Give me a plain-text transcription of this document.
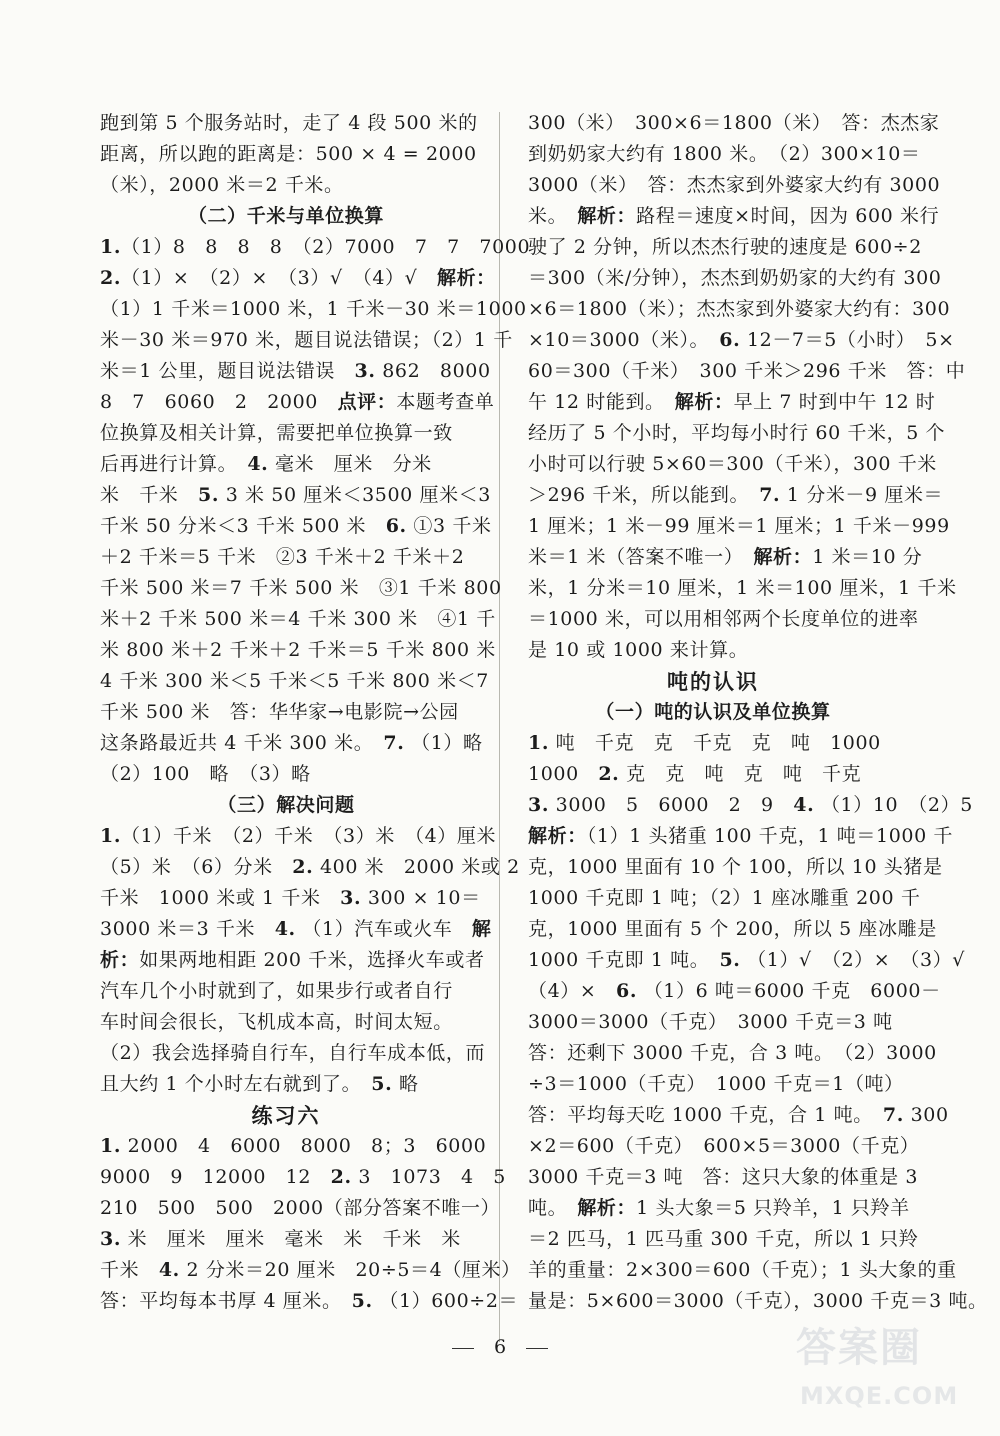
跑到第 5 个服务站时，走了 4 段 500 米的
距离，所以跑的距离是：500 × 4 = 2000
（米），2000 米＝2 千米。
（二）千米与单位换算
1.（1）8　8　8　8　（2）7000　7　7　7000
2.（1）×　（2）×　（3）√　（4）√　解析：
（1）1 千米＝1000 米，1 千米－30 米＝1000
米－30 米＝970 米，题目说法错误；（2）1 千
米＝1 公里，题目说法错误　3. 862　8000
8　7　6060　2　2000　点评：本题考查单
位换算及相关计算，需要把单位换算一致
后再进行计算。　4. 毫米　厘米　分米
米　千米　5. 3 米 50 厘米＜3500 厘米＜3
千米 50 分米＜3 千米 500 米　6. ①3 千米
＋2 千米＝5 千米　②3 千米＋2 千米＋2
千米 500 米＝7 千米 500 米　③1 千米 800
米＋2 千米 500 米＝4 千米 300 米　④1 千
米 800 米＋2 千米＋2 千米＝5 千米 800 米
4 千米 300 米＜5 千米＜5 千米 800 米＜7
千米 500 米　答：华华家→电影院→公园
这条路最近共 4 千米 300 米。　7. （1）略
（2）100　略　（3）略
（三）解决问题
1.（1）千米　（2）千米　（3）米　（4）厘米
（5）米　（6）分米　2. 400 米　2000 米或 2
千米　1000 米或 1 千米　3. 300 × 10＝
3000 米＝3 千米　4. （1）汽车或火车　解
析：如果两地相距 200 千米，选择火车或者
汽车几个小时就到了，如果步行或者自行
车时间会很长，飞机成本高，时间太短。
（2）我会选择骑自行车，自行车成本低，而
且大约 1 个小时左右就到了。　5. 略
练习六
1. 2000　4　6000　8000　8；3　6000
9000　9　12000　12　2. 3　1073　4　5
210　500　500　2000（部分答案不唯一）
3. 米　厘米　厘米　毫米　米　千米　米
千米　4. 2 分米＝20 厘米　20÷5＝4（厘米）
答：平均每本书厚 4 厘米。　5. （1）600÷2＝
300（米）　300×6＝1800（米）　答：杰杰家
到奶奶家大约有 1800 米。　（2）300×10＝
3000（米）　答：杰杰家到外婆家大约有 3000
米。　解析：路程＝速度×时间，因为 600 米行
驶了 2 分钟，所以杰杰行驶的速度是 600÷2
＝300（米/分钟），杰杰到奶奶家的大约有 300
×6＝1800（米）；杰杰家到外婆家大约有：300
×10＝3000（米）。　6. 12－7＝5（小时）　5×
60＝300（千米）　300 千米＞296 千米　答：中
午 12 时能到。　解析：早上 7 时到中午 12 时
经历了 5 个小时，平均每小时行 60 千米，5 个
小时可以行驶 5×60＝300（千米），300 千米
＞296 千米，所以能到。　7. 1 分米－9 厘米＝
1 厘米；1 米－99 厘米＝1 厘米；1 千米－999
米＝1 米（答案不唯一）　解析：1 米＝10 分
米，1 分米＝10 厘米，1 米＝100 厘米，1 千米
＝1000 米，可以用相邻两个长度单位的进率
是 10 或 1000 来计算。
吨的认识
（一）吨的认识及单位换算
1. 吨　千克　克　千克　克　吨　1000
1000　2. 克　克　吨　克　吨　千克
3. 3000　5　6000　2　9　4. （1）10　（2）5
解析：（1）1 头猪重 100 千克，1 吨＝1000 千
克，1000 里面有 10 个 100，所以 10 头猪是
1000 千克即 1 吨；（2）1 座冰雕重 200 千
克，1000 里面有 5 个 200，所以 5 座冰雕是
1000 千克即 1 吨。　5. （1）√　（2）×　（3）√
（4）×　6. （1）6 吨＝6000 千克　6000－
3000＝3000（千克）　3000 千克＝3 吨
答：还剩下 3000 千克，合 3 吨。　（2）3000
÷3＝1000（千克）　1000 千克＝1（吨）
答：平均每天吃 1000 千克，合 1 吨。　7. 300
×2＝600（千克）　600×5＝3000（千克）
3000 千克＝3 吨　答：这只大象的体重是 3
吨。　解析：1 头大象＝5 只羚羊，1 只羚羊
＝2 匹马，1 匹马重 300 千克，所以 1 只羚
羊的重量：2×300＝600（千克）；1 头大象的重
量是：5×600＝3000（千克），3000 千克＝3 吨。
6	答案圈
MXQE.COM
